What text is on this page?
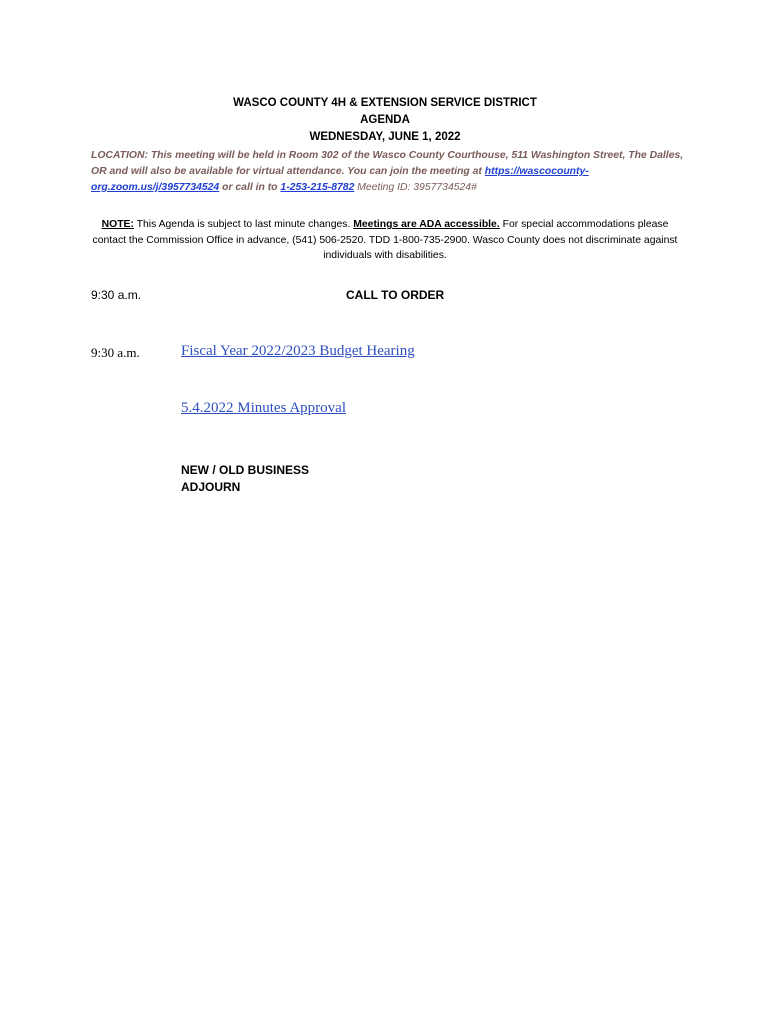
WASCO COUNTY 4H & EXTENSION SERVICE DISTRICT
AGENDA
WEDNESDAY, JUNE 1, 2022
LOCATION: This meeting will be held in Room 302 of the Wasco County Courthouse, 511 Washington Street, The Dalles, OR and will also be available for virtual attendance. You can join the meeting at https://wascocounty-org.zoom.us/j/3957734524 or call in to 1-253-215-8782 Meeting ID: 3957734524#
NOTE: This Agenda is subject to last minute changes. Meetings are ADA accessible. For special accommodations please contact the Commission Office in advance, (541) 506-2520. TDD 1-800-735-2900. Wasco County does not discriminate against individuals with disabilities.
9:30 a.m.	CALL TO ORDER
9:30 a.m.	Fiscal Year 2022/2023 Budget Hearing
5.4.2022 Minutes Approval
NEW / OLD BUSINESS
ADJOURN
